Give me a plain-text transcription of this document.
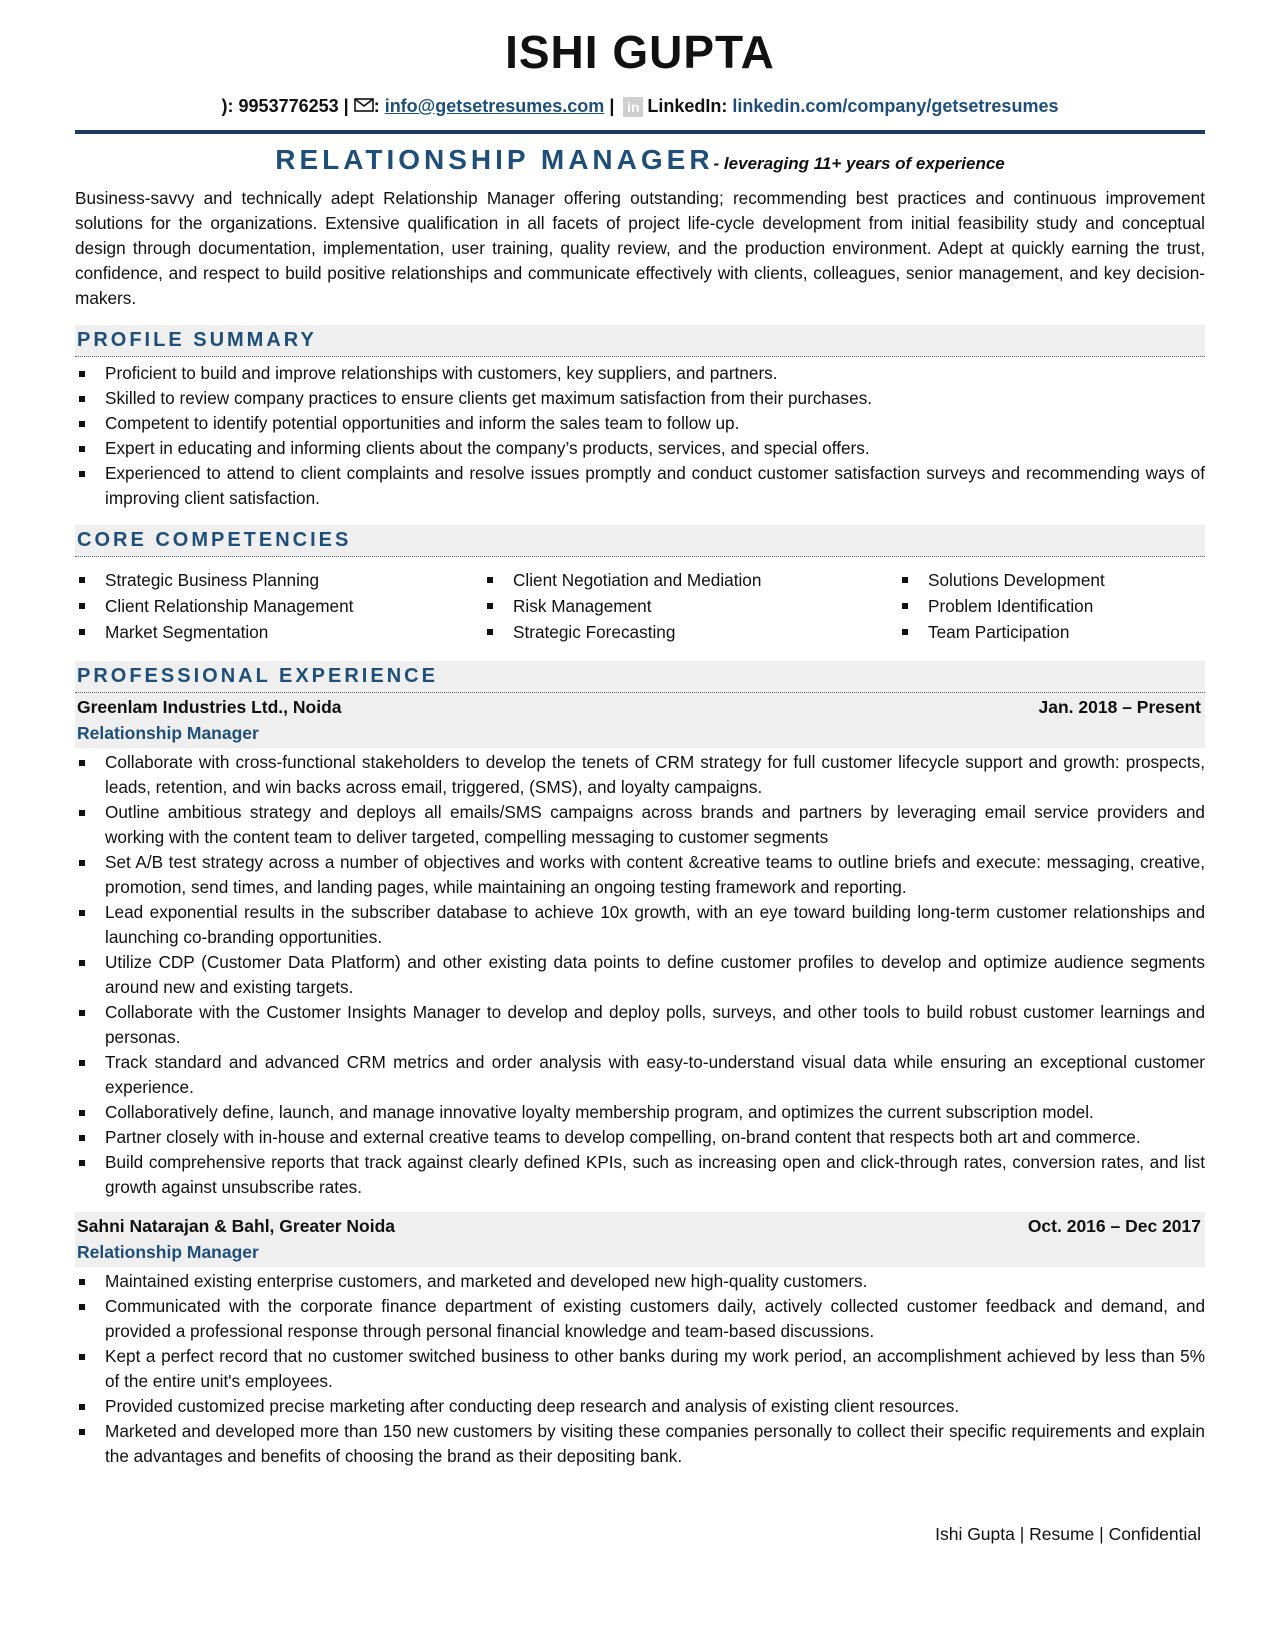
ISHI GUPTA
): 9953776253 | : info@getsetresumes.com | in LinkedIn: linkedin.com/company/getsetresumes
RELATIONSHIP MANAGER- leveraging 11+ years of experience

Business-savvy and technically adept Relationship Manager offering outstanding; recommending best practices and continuous improvement solutions for the organizations. Extensive qualification in all facets of project life-cycle development from initial feasibility study and conceptual design through documentation, implementation, user training, quality review, and the production environment. Adept at quickly earning the trust, confidence, and respect to build positive relationships and communicate effectively with clients, colleagues, senior management, and key decision-makers.

PROFILE SUMMARY
Proficient to build and improve relationships with customers, key suppliers, and partners.
Skilled to review company practices to ensure clients get maximum satisfaction from their purchases.
Competent to identify potential opportunities and inform the sales team to follow up.
Expert in educating and informing clients about the company’s products, services, and special offers.
Experienced to attend to client complaints and resolve issues promptly and conduct customer satisfaction surveys and recommending ways of improving client satisfaction.
CORE COMPETENCIES
Strategic Business Planning
Client Relationship Management
Market Segmentation
Client Negotiation and Mediation
Risk Management
Strategic Forecasting
Solutions Development
Problem Identification
Team Participation
PROFESSIONAL EXPERIENCE
Greenlam Industries Ltd., Noida	Jan. 2018 – Present
Relationship Manager
Collaborate with cross-functional stakeholders to develop the tenets of CRM strategy for full customer lifecycle support and growth: prospects, leads, retention, and win backs across email, triggered, (SMS), and loyalty campaigns.
Outline ambitious strategy and deploys all emails/SMS campaigns across brands and partners by leveraging email service providers and working with the content team to deliver targeted, compelling messaging to customer segments
Set A/B test strategy across a number of objectives and works with content &creative teams to outline briefs and execute: messaging, creative, promotion, send times, and landing pages, while maintaining an ongoing testing framework and reporting.
Lead exponential results in the subscriber database to achieve 10x growth, with an eye toward building long-term customer relationships and launching co-branding opportunities.
Utilize CDP (Customer Data Platform) and other existing data points to define customer profiles to develop and optimize audience segments around new and existing targets.
Collaborate with the Customer Insights Manager to develop and deploy polls, surveys, and other tools to build robust customer learnings and personas.
Track standard and advanced CRM metrics and order analysis with easy-to-understand visual data while ensuring an exceptional customer experience.
Collaboratively define, launch, and manage innovative loyalty membership program, and optimizes the current subscription model.
Partner closely with in-house and external creative teams to develop compelling, on-brand content that respects both art and commerce.
Build comprehensive reports that track against clearly defined KPIs, such as increasing open and click-through rates, conversion rates, and list growth against unsubscribe rates.
Sahni Natarajan & Bahl, Greater Noida	Oct. 2016 – Dec 2017
Relationship Manager
Maintained existing enterprise customers, and marketed and developed new high-quality customers.
Communicated with the corporate finance department of existing customers daily, actively collected customer feedback and demand, and provided a professional response through personal financial knowledge and team-based discussions.
Kept a perfect record that no customer switched business to other banks during my work period, an accomplishment achieved by less than 5% of the entire unit's employees.
Provided customized precise marketing after conducting deep research and analysis of existing client resources.
Marketed and developed more than 150 new customers by visiting these companies personally to collect their specific requirements and explain the advantages and benefits of choosing the brand as their depositing bank.
Ishi Gupta | Resume | Confidential
